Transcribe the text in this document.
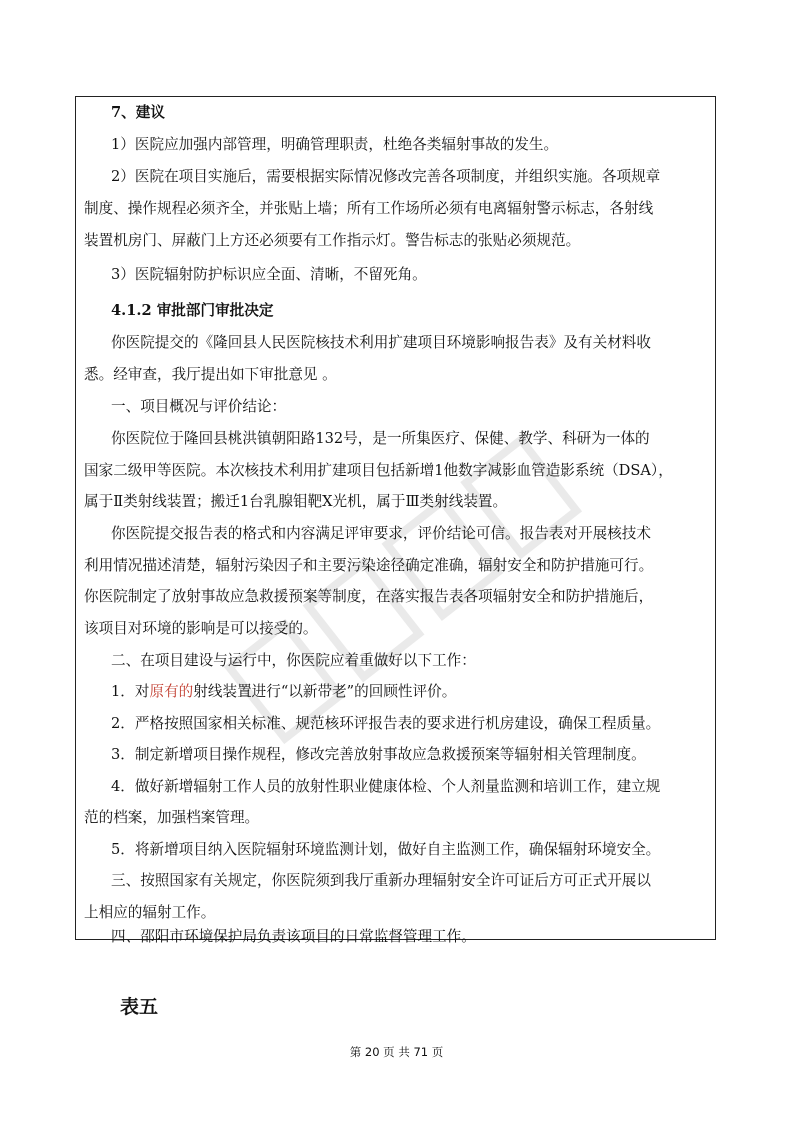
7、建议
1）医院应加强内部管理，明确管理职责，杜绝各类辐射事故的发生。
2）医院在项目实施后，需要根据实际情况修改完善各项制度，并组织实施。各项规章
制度、操作规程必须齐全，并张贴上墙；所有工作场所必须有电离辐射警示标志，各射线
装置机房门、屏蔽门上方还必须要有工作指示灯。警告标志的张贴必须规范。
3）医院辐射防护标识应全面、清晰，不留死角。
4.1.2 审批部门审批决定
你医院提交的《隆回县人民医院核技术利用扩建项目环境影响报告表》及有关材料收
悉。经审查，我厅提出如下审批意见 。
一、项目概况与评价结论：
你医院位于隆回县桃洪镇朝阳路132号，是一所集医疗、保健、教学、科研为一体的
国家二级甲等医院。本次核技术利用扩建项目包括新增1他数字减影血管造影系统（DSA），
属于Ⅱ类射线装置；搬迁1台乳腺钼靶X光机，属于Ⅲ类射线装置。
你医院提交报告表的格式和内容满足评审要求，评价结论可信。报告表对开展核技术
利用情况描述清楚，辐射污染因子和主要污染途径确定准确，辐射安全和防护措施可行。
你医院制定了放射事故应急救援预案等制度，在落实报告表各项辐射安全和防护措施后，
该项目对环境的影响是可以接受的。
二、在项目建设与运行中，你医院应着重做好以下工作：
1．对原有的射线装置进行“以新带老”的回顾性评价。
2．严格按照国家相关标准、规范核环评报告表的要求进行机房建设，确保工程质量。
3．制定新增项目操作规程，修改完善放射事故应急救援预案等辐射相关管理制度。
4．做好新增辐射工作人员的放射性职业健康体检、个人剂量监测和培训工作，建立规
范的档案，加强档案管理。
5．将新增项目纳入医院辐射环境监测计划，做好自主监测工作，确保辐射环境安全。
三、按照国家有关规定，你医院须到我厅重新办理辐射安全许可证后方可正式开展以
上相应的辐射工作。
四、邵阳市环境保护局负责该项目的日常监督管理工作。
表五
第 20 页 共 71 页
